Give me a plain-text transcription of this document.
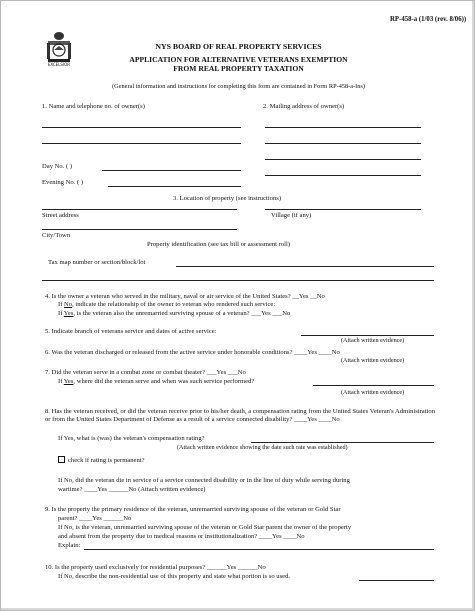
RP-458-a (1/03 (rev. 8/06))
EXCELSIOR
NYS BOARD OF REAL PROPERTY SERVICES
APPLICATION FOR ALTERNATIVE VETERANS EXEMPTION
FROM REAL PROPERTY TAXATION
(General information and instructions for completing this form are contained in Form RP-458-a-Ins)
1. Name and telephone no. of owner(s)	2. Mailing address of owner(s)
Day No. ( )
Evening No. ( )
3. Location of property (see instructions)
Street address	Village (if any)
City/Town
Property identification (see tax bill or assessment roll)
Tax map number or section/block/lot
4. Is the owner a veteran who served in the military, naval or air service of the United States? __Yes __No
If No, indicate the relationship of the owner to veteran who rendered such service:
If Yes, is the veteran also the unremarried surviving spouse of a veteran? ___Yes ___No
5. Indicate branch of veterans service and dates of active service:
(Attach written evidence)
6. Was the veteran discharged or released from the active service under honorable conditions? ____Yes ____No
(Attach written evidence)
7. Did the veteran serve in a combat zone or combat theater? ___Yes ___No
If Yes, where did the veteran serve and when was such service performed?
(Attach written evidence)
8. Has the veteran received, or did the veteran receive prior to his/her death, a compensation rating from the United States Veteran's Administration or from the United States Department of Defense as a result of a service connected disability? ____Yes ____No
If Yes, what is (was) the veteran's compensation rating?
(Attach written evidence showing the date such rate was established)
check if rating is permanent?
If No, did the veteran die in service of a service connected disability or in the line of duty while serving during
wartime? ____Yes ______No (Attach written evidence)
9. Is the property the primary residence of the veteran, unremarried surviving spouse of the veteran or Gold Star
parent? ____Yes ______No
If No, is the veteran, unremarried surviving spouse of the veteran or Gold Star parent the owner of the property
and absent from the property due to medical reasons or institutionalization? ____Yes ____No
Explain:
10. Is the property used exclusively for residential purposes? ______Yes ______No
If No, describe the non-residential use of this property and state what portion is so used.
